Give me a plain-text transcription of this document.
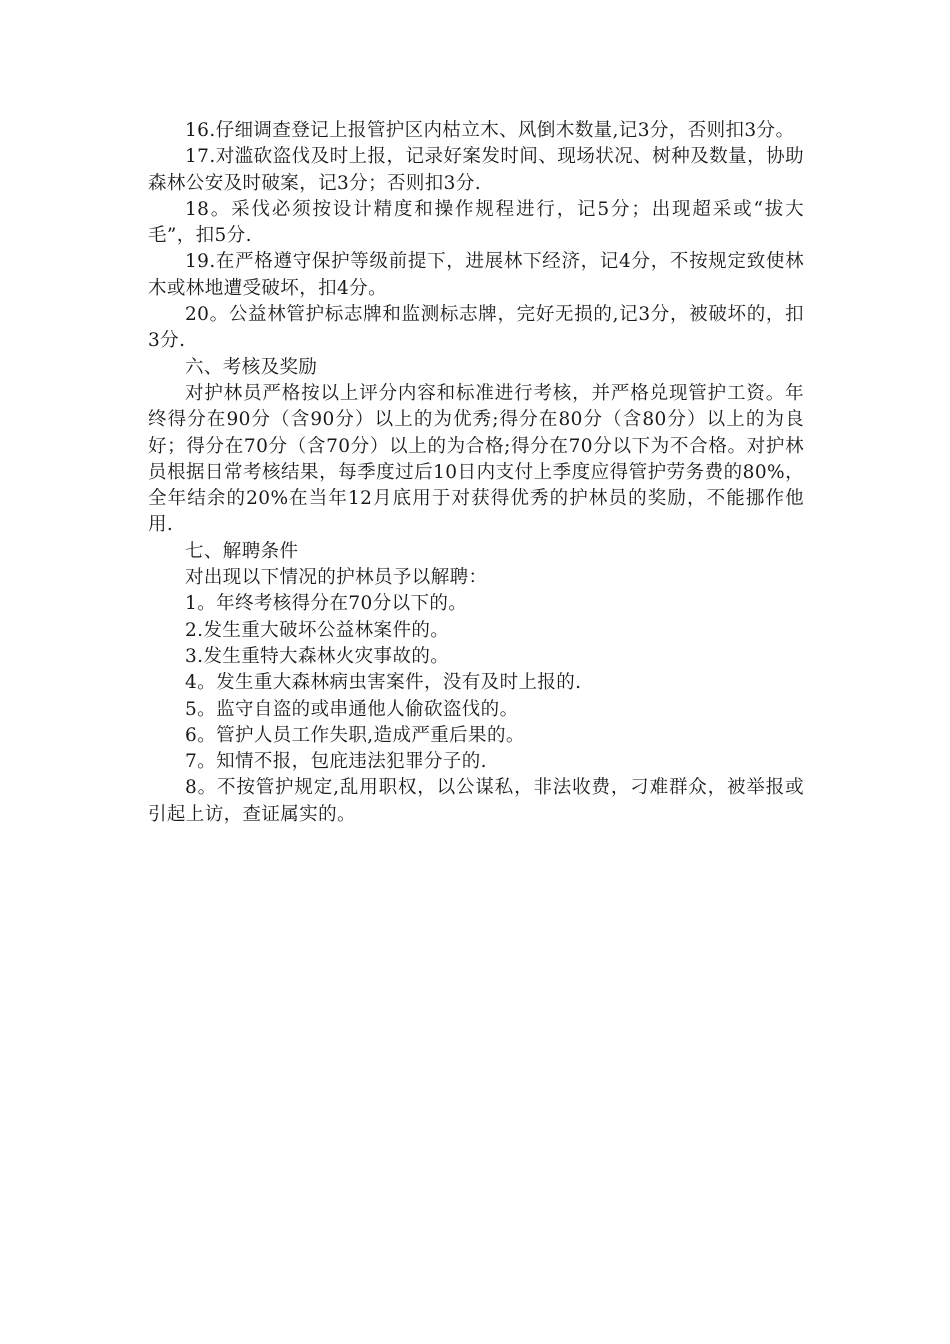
16.仔细调查登记上报管护区内枯立木、风倒木数量,记3分，否则扣3分。

17.对滥砍盗伐及时上报，记录好案发时间、现场状况、树种及数量，协助森林公安及时破案，记3分；否则扣3分.

18。采伐必须按设计精度和操作规程进行，记5分；出现超采或“拔大毛”，扣5分.

19.在严格遵守保护等级前提下，进展林下经济，记4分，不按规定致使林木或林地遭受破坏，扣4分。

20。公益林管护标志牌和监测标志牌，完好无损的,记3分，被破坏的，扣3分.

六、考核及奖励

对护林员严格按以上评分内容和标准进行考核，并严格兑现管护工资。年终得分在90分（含90分）以上的为优秀;得分在80分（含80分）以上的为良好；得分在70分（含70分）以上的为合格;得分在70分以下为不合格。对护林员根据日常考核结果，每季度过后10日内支付上季度应得管护劳务费的80%，全年结余的20%在当年12月底用于对获得优秀的护林员的奖励，不能挪作他用.

七、解聘条件

对出现以下情况的护林员予以解聘：

1。年终考核得分在70分以下的。

2.发生重大破坏公益林案件的。

3.发生重特大森林火灾事故的。

4。发生重大森林病虫害案件，没有及时上报的.

5。监守自盗的或串通他人偷砍盗伐的。

6。管护人员工作失职,造成严重后果的。

7。知情不报，包庇违法犯罪分子的.

8。不按管护规定,乱用职权，以公谋私，非法收费，刁难群众，被举报或引起上访，查证属实的。
